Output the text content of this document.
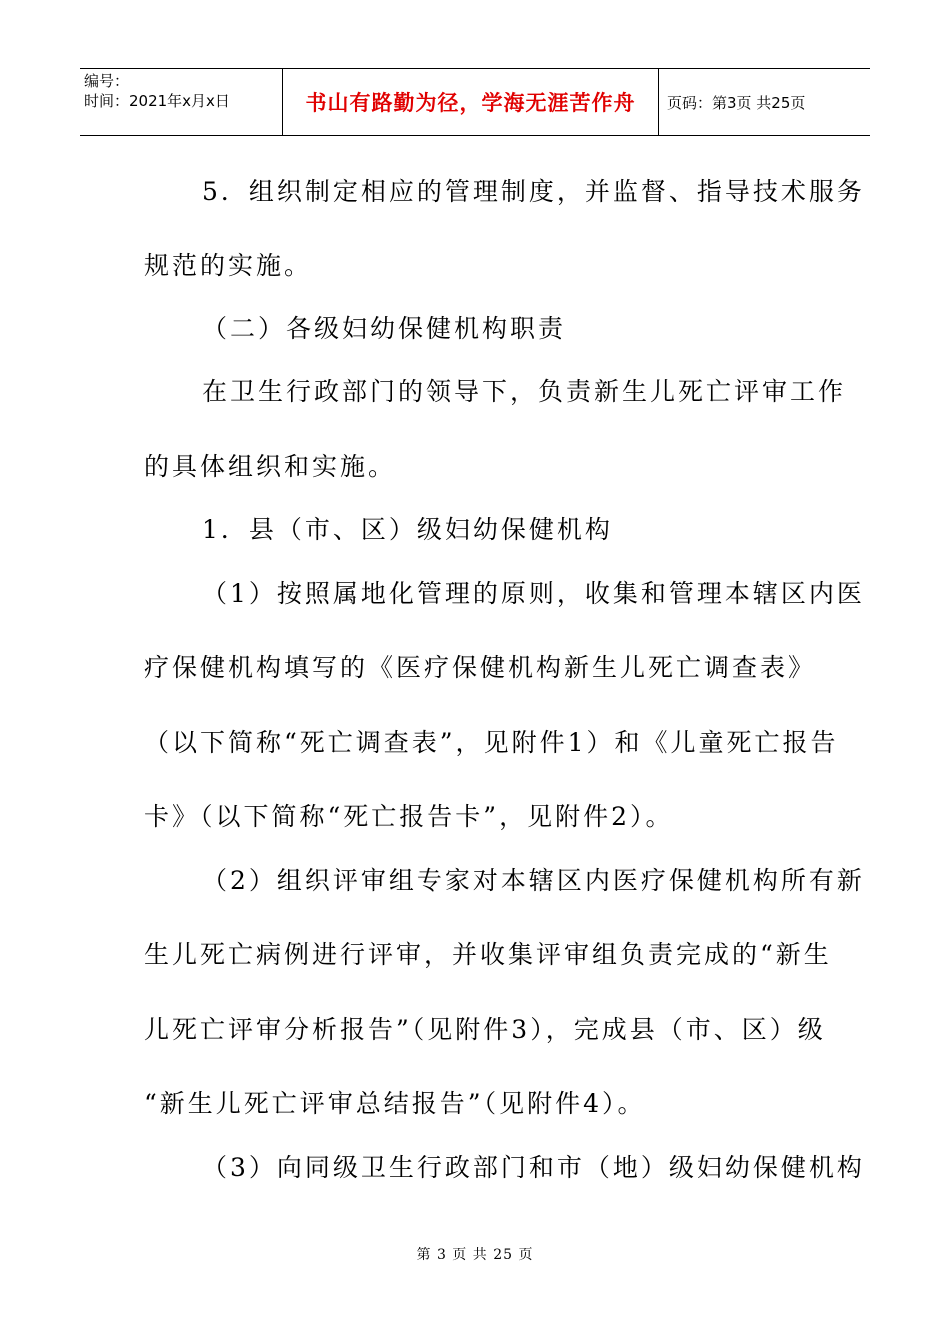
编号：
时间：2021年x月x日	书山有路勤为径，学海无涯苦作舟 页码：第3页 共25页
5．组织制定相应的管理制度，并监督、指导技术服务
规范的实施。
（二）各级妇幼保健机构职责
在卫生行政部门的领导下，负责新生儿死亡评审工作
的具体组织和实施。
1．县（市、区）级妇幼保健机构
（1）按照属地化管理的原则，收集和管理本辖区内医
疗保健机构填写的《医疗保健机构新生儿死亡调查表》
（以下简称“死亡调查表”，见附件1）和《儿童死亡报告
卡》（以下简称“死亡报告卡”，见附件2）。
（2）组织评审组专家对本辖区内医疗保健机构所有新
生儿死亡病例进行评审，并收集评审组负责完成的“新生
儿死亡评审分析报告”（见附件3），完成县（市、区）级
“新生儿死亡评审总结报告”（见附件4）。
（3）向同级卫生行政部门和市（地）级妇幼保健机构
第 3 页 共 25 页
